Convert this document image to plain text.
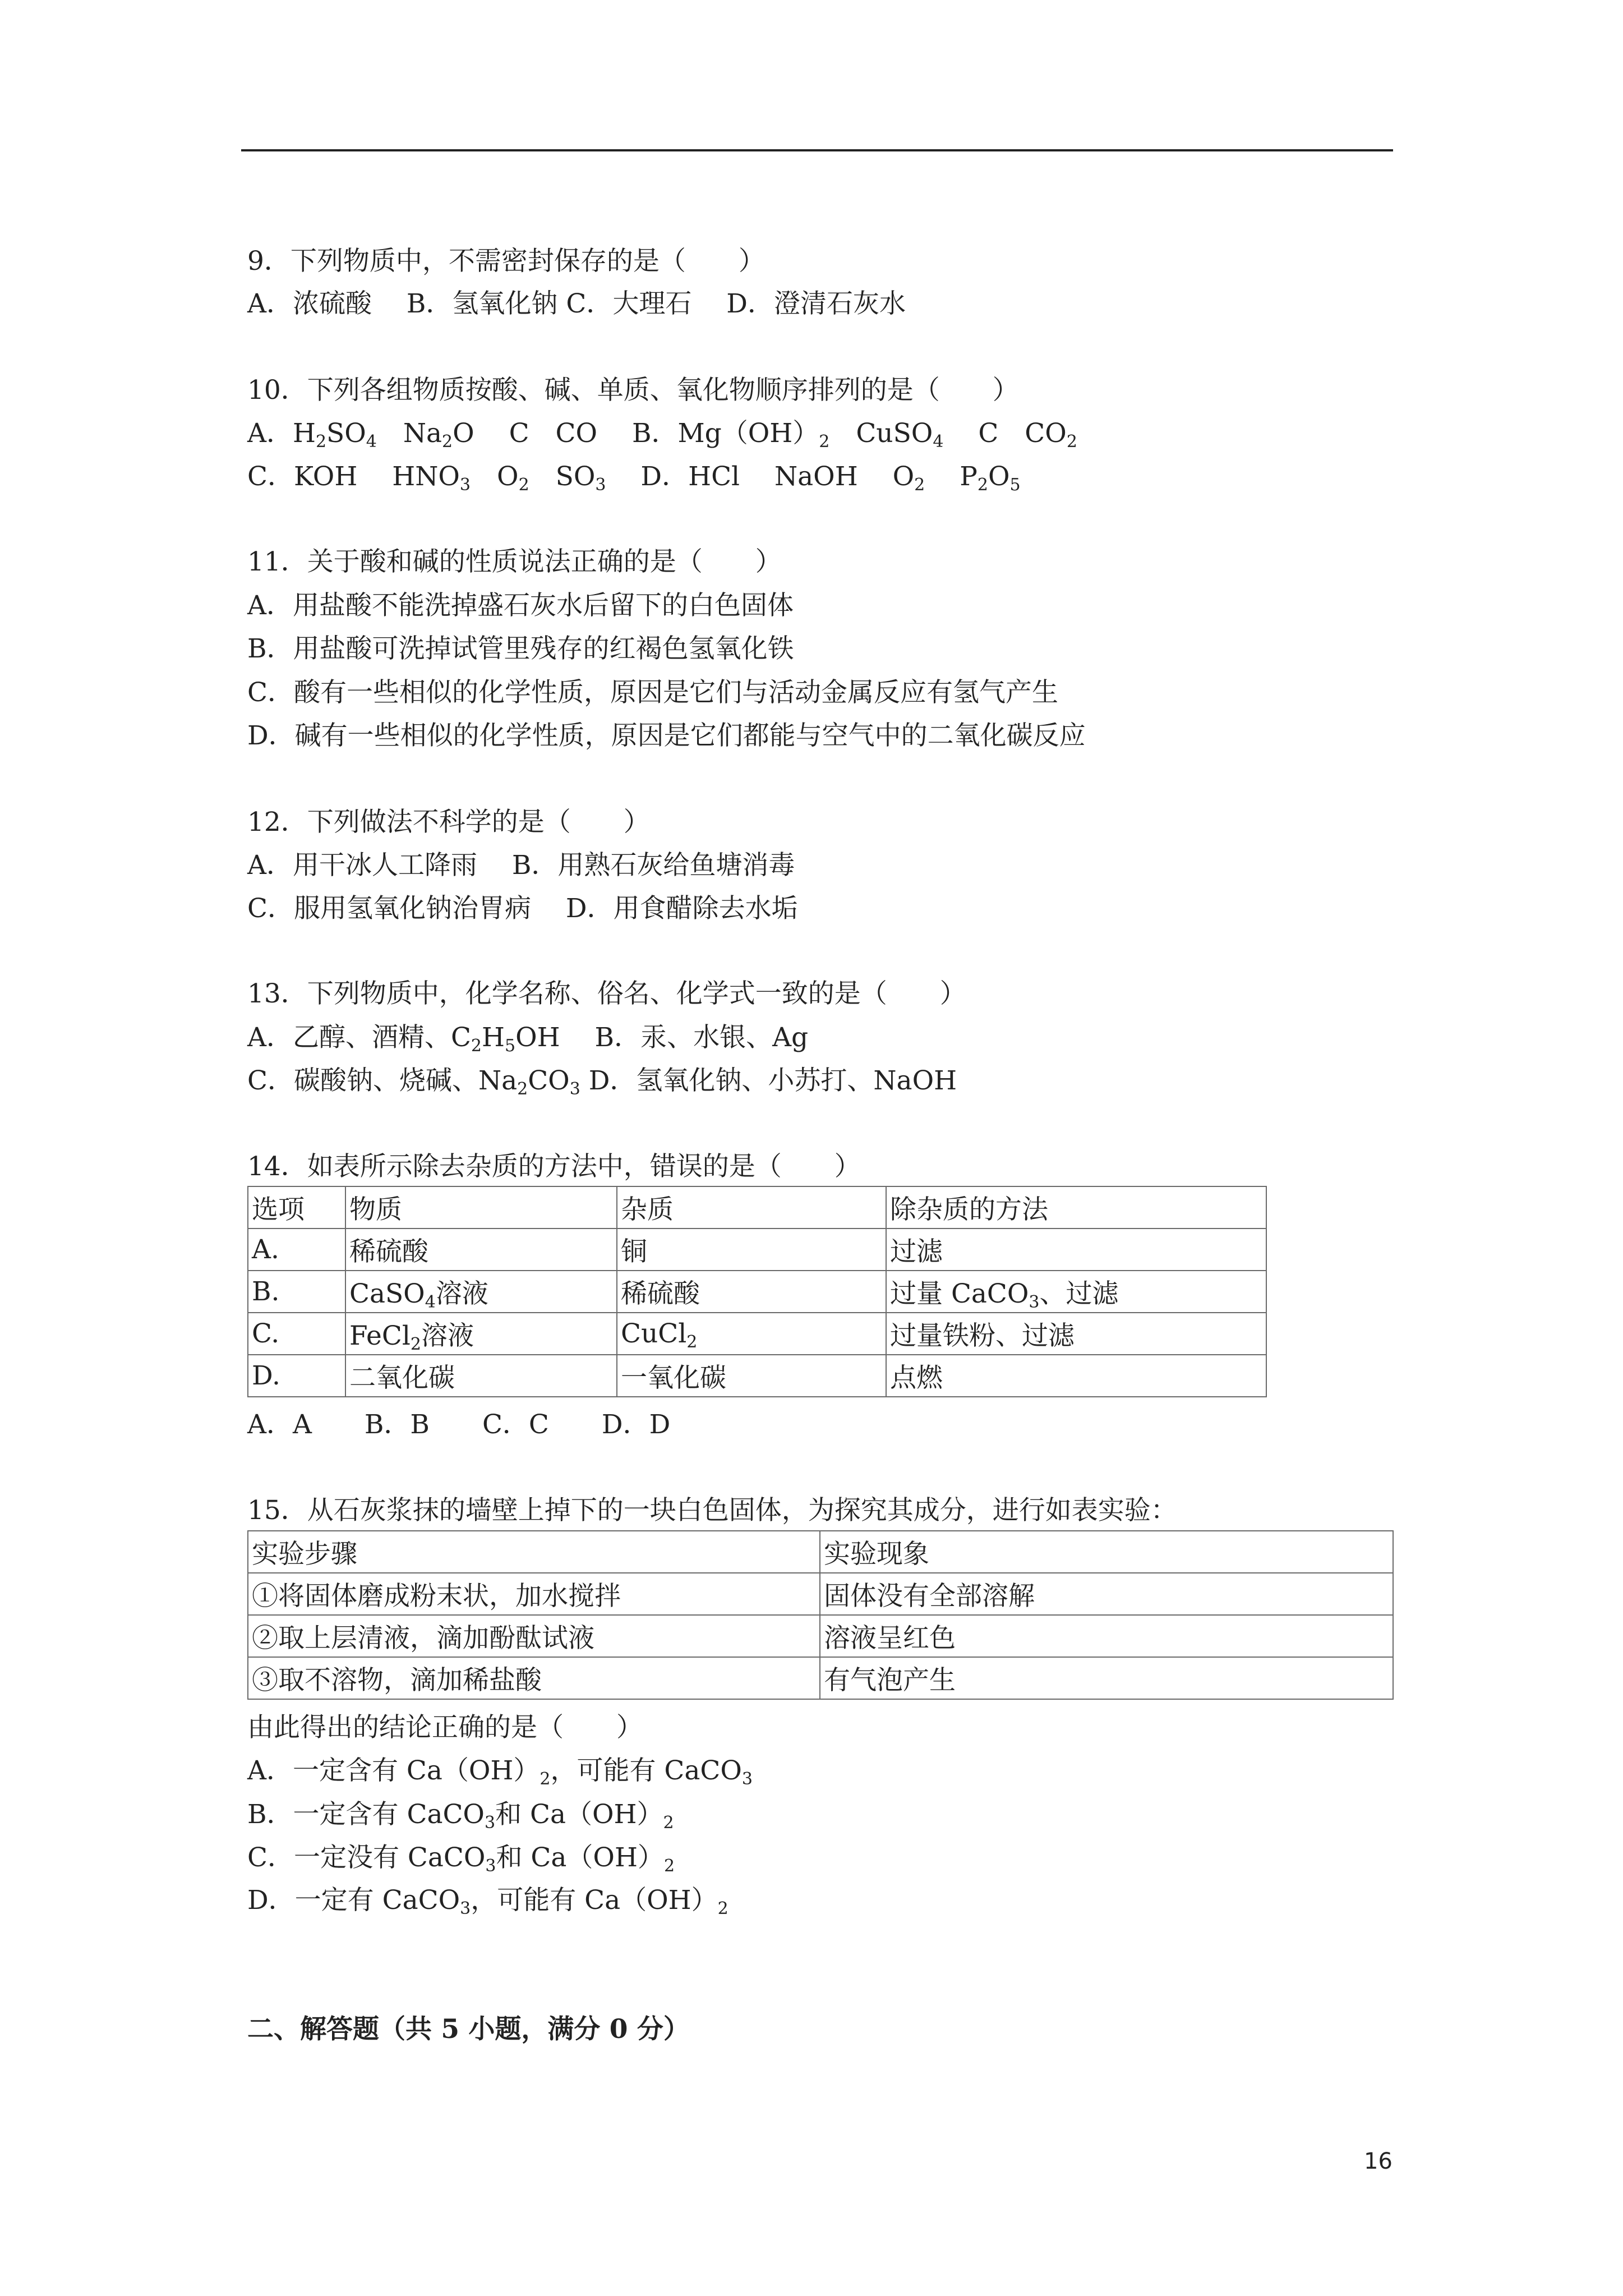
9．下列物质中，不需密封保存的是（　　）
A．浓硫酸　 B．氢氧化钠 C．大理石　 D．澄清石灰水
10．下列各组物质按酸、碱、单质、氧化物顺序排列的是（　　）
A．$H_2SO_4$　$Na_2O$　 C　CO　 B．$Mg(OH)_2$　CuSO$_4$　 C　$CO_2$
C．KOH　 $HNO_3$　$O_2$　$SO_3$　 D．HCl　 NaOH　 $O_2$　 $P_2O_5$
11．关于酸和碱的性质说法正确的是（　　）
A．用盐酸不能洗掉盛石灰水后留下的白色固体
B．用盐酸可洗掉试管里残存的红褐色氢氧化铁
C．酸有一些相似的化学性质，原因是它们与活动金属反应有氢气产生
D．碱有一些相似的化学性质，原因是它们都能与空气中的二氧化碳反应
12．下列做法不科学的是（　　）
A．用干冰人工降雨　 B．用熟石灰给鱼塘消毒
C．服用氢氧化钠治胃病　 D．用食醋除去水垢
13．下列物质中，化学名称、俗名、化学式一致的是（　　）
A．乙醇、酒精、$C_2H_5OH$　 B．汞、水银、Ag
C．碳酸钠、烧碱、$Na_2CO_3$ D．氢氧化钠、小苏打、NaOH
14．如表所示除去杂质的方法中，错误的是（　　）
选项	物质	杂质	除杂质的方法
A.	稀硫酸	铜	过滤
B.	CaSO$_4$溶液	稀硫酸	过量 CaCO$_3$、过滤
C.	FeCl$_2$溶液	CuCl$_2$	过量铁粉、过滤
D.	二氧化碳	一氧化碳	点燃
A．A　　B．B　　C．C　　D．D
15．从石灰浆抹的墙壁上掉下的一块白色固体，为探究其成分，进行如表实验：
实验步骤	实验现象
①将固体磨成粉末状，加水搅拌	固体没有全部溶解
②取上层清液，滴加酚酞试液	溶液呈红色
③取不溶物，滴加稀盐酸	有气泡产生
由此得出的结论正确的是（　　）
A．一定含有 $Ca(OH)_2$，可能有 CaCO$_3$
B．一定含有 CaCO$_3$和 $Ca(OH)_2$
C．一定没有 CaCO$_3$和 $Ca(OH)_2$
D．一定有 CaCO$_3$，可能有 $Ca(OH)_2$
二、解答题（共 5 小题，满分 0 分）
16
